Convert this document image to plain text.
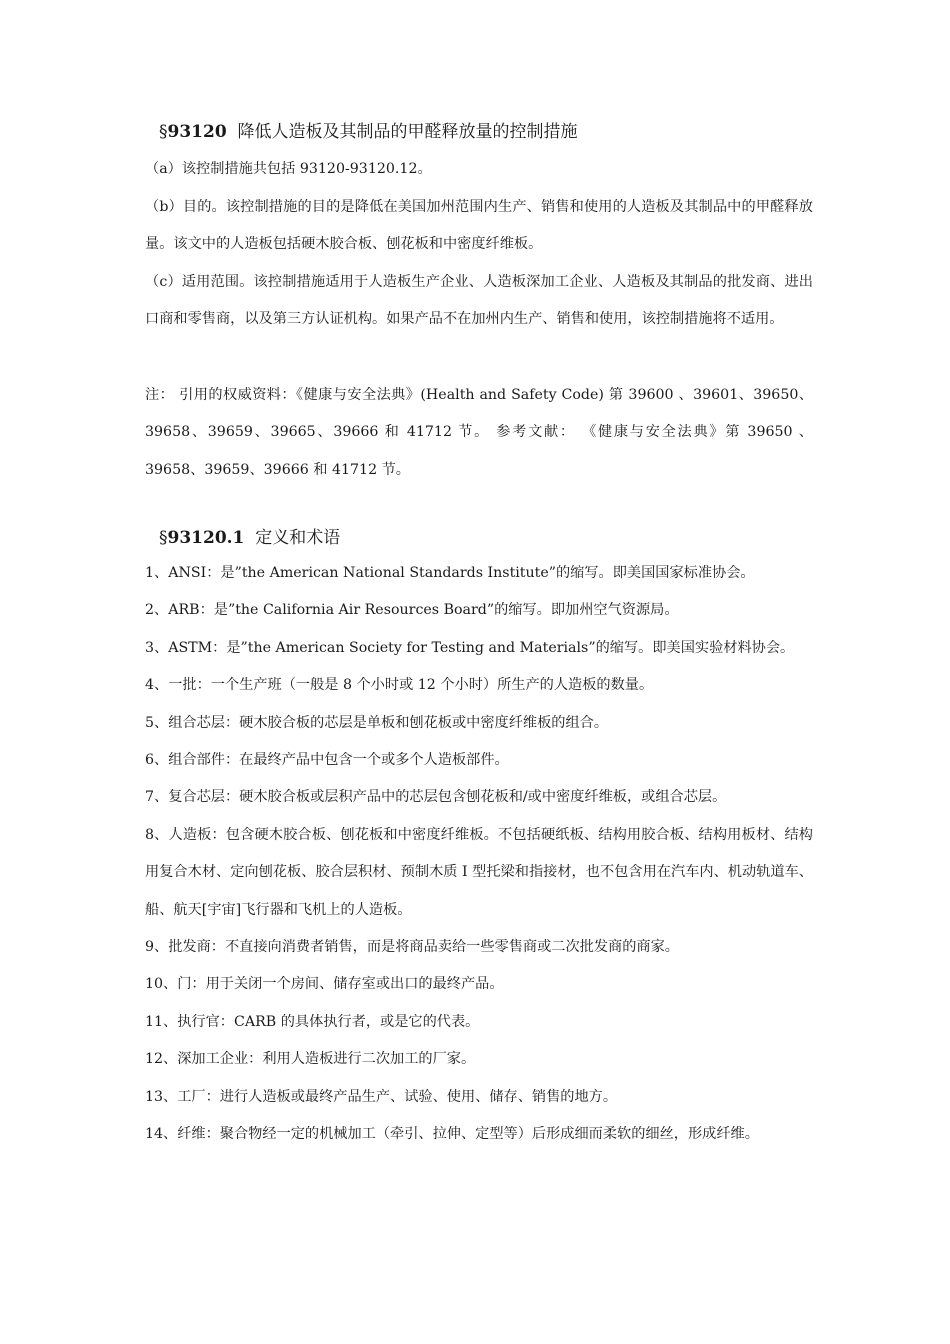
§93120 降低人造板及其制品的甲醛释放量的控制措施

（a）该控制措施共包括 93120-93120.12。

（b）目的。该控制措施的目的是降低在美国加州范围内生产、销售和使用的人造板及其制品中的甲醛释放量。该文中的人造板包括硬木胶合板、刨花板和中密度纤维板。

（c）适用范围。该控制措施适用于人造板生产企业、人造板深加工企业、人造板及其制品的批发商、进出口商和零售商，以及第三方认证机构。如果产品不在加州内生产、销售和使用，该控制措施将不适用。

注： 引用的权威资料：《健康与安全法典》(Health and Safety Code) 第 39600 、39601、39650、39658、39659、39665、39666 和 41712 节。 参考文献： 《健康与安全法典》第 39650 、39658、39659、39666 和 41712 节。

§93120.1 定义和术语

1、ANSI：是”the American National Standards Institute”的缩写。即美国国家标准协会。

2、ARB：是”the California Air Resources Board”的缩写。即加州空气资源局。

3、ASTM：是”the American Society for Testing and Materials”的缩写。即美国实验材料协会。

4、一批：一个生产班（一般是 8 个小时或 12 个小时）所生产的人造板的数量。

5、组合芯层：硬木胶合板的芯层是单板和刨花板或中密度纤维板的组合。

6、组合部件：在最终产品中包含一个或多个人造板部件。

7、复合芯层：硬木胶合板或层积产品中的芯层包含刨花板和/或中密度纤维板，或组合芯层。

8、人造板：包含硬木胶合板、刨花板和中密度纤维板。不包括硬纸板、结构用胶合板、结构用板材、结构用复合木材、定向刨花板、胶合层积材、预制木质 I 型托梁和指接材，也不包含用在汽车内、机动轨道车、船、航天[宇宙]飞行器和飞机上的人造板。

9、批发商：不直接向消费者销售，而是将商品卖给一些零售商或二次批发商的商家。

10、门：用于关闭一个房间、储存室或出口的最终产品。

11、执行官：CARB 的具体执行者，或是它的代表。

12、深加工企业：利用人造板进行二次加工的厂家。

13、工厂：进行人造板或最终产品生产、试验、使用、储存、销售的地方。

14、纤维：聚合物经一定的机械加工（牵引、拉伸、定型等）后形成细而柔软的细丝，形成纤维。
